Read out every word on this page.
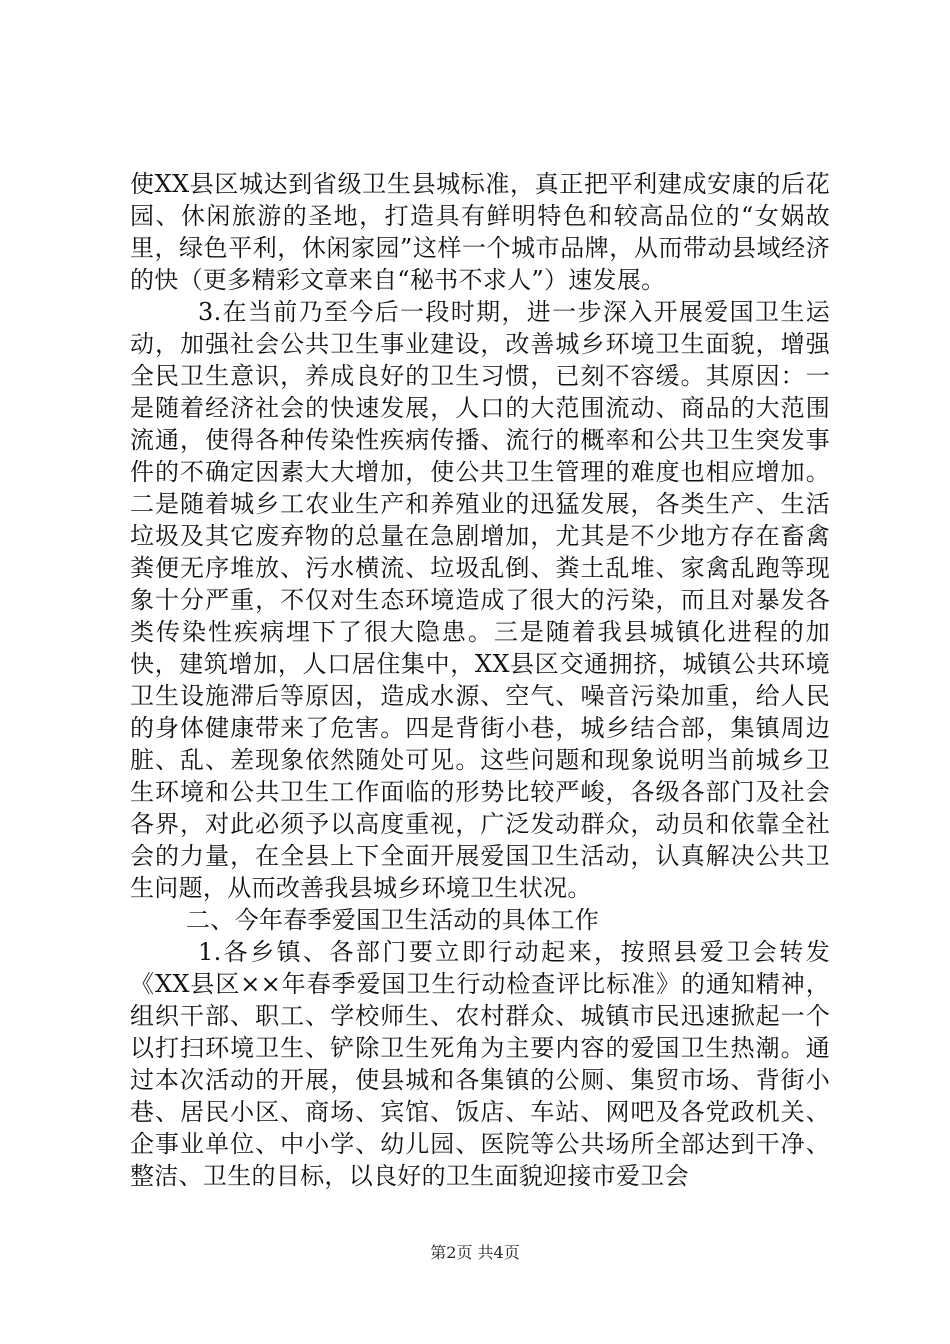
使XX县区城达到省级卫生县城标准，真正把平利建成安康的后花园、休闲旅游的圣地，打造具有鲜明特色和较高品位的“女娲故里，绿色平利，休闲家园”这样一个城市品牌，从而带动县域经济的快（更多精彩文章来自“秘书不求人”）速发展。

3.在当前乃至今后一段时期，进一步深入开展爱国卫生运动，加强社会公共卫生事业建设，改善城乡环境卫生面貌，增强全民卫生意识，养成良好的卫生习惯，已刻不容缓。其原因：一是随着经济社会的快速发展，人口的大范围流动、商品的大范围流通，使得各种传染性疾病传播、流行的概率和公共卫生突发事件的不确定因素大大增加，使公共卫生管理的难度也相应增加。二是随着城乡工农业生产和养殖业的迅猛发展，各类生产、生活垃圾及其它废弃物的总量在急剧增加，尤其是不少地方存在畜禽粪便无序堆放、污水横流、垃圾乱倒、粪土乱堆、家禽乱跑等现象十分严重，不仅对生态环境造成了很大的污染，而且对暴发各类传染性疾病埋下了很大隐患。三是随着我县城镇化进程的加快，建筑增加，人口居住集中，XX县区交通拥挤，城镇公共环境卫生设施滞后等原因，造成水源、空气、噪音污染加重，给人民的身体健康带来了危害。四是背街小巷，城乡结合部，集镇周边脏、乱、差现象依然随处可见。这些问题和现象说明当前城乡卫生环境和公共卫生工作面临的形势比较严峻，各级各部门及社会各界，对此必须予以高度重视，广泛发动群众，动员和依靠全社会的力量，在全县上下全面开展爱国卫生活动，认真解决公共卫生问题，从而改善我县城乡环境卫生状况。

二、今年春季爱国卫生活动的具体工作

1.各乡镇、各部门要立即行动起来，按照县爱卫会转发《XX县区××年春季爱国卫生行动检查评比标准》的通知精神，组织干部、职工、学校师生、农村群众、城镇市民迅速掀起一个以打扫环境卫生、铲除卫生死角为主要内容的爱国卫生热潮。通过本次活动的开展，使县城和各集镇的公厕、集贸市场、背街小巷、居民小区、商场、宾馆、饭店、车站、网吧及各党政机关、企事业单位、中小学、幼儿园、医院等公共场所全部达到干净、整洁、卫生的目标，以良好的卫生面貌迎接市爱卫会

第2页 共4页
